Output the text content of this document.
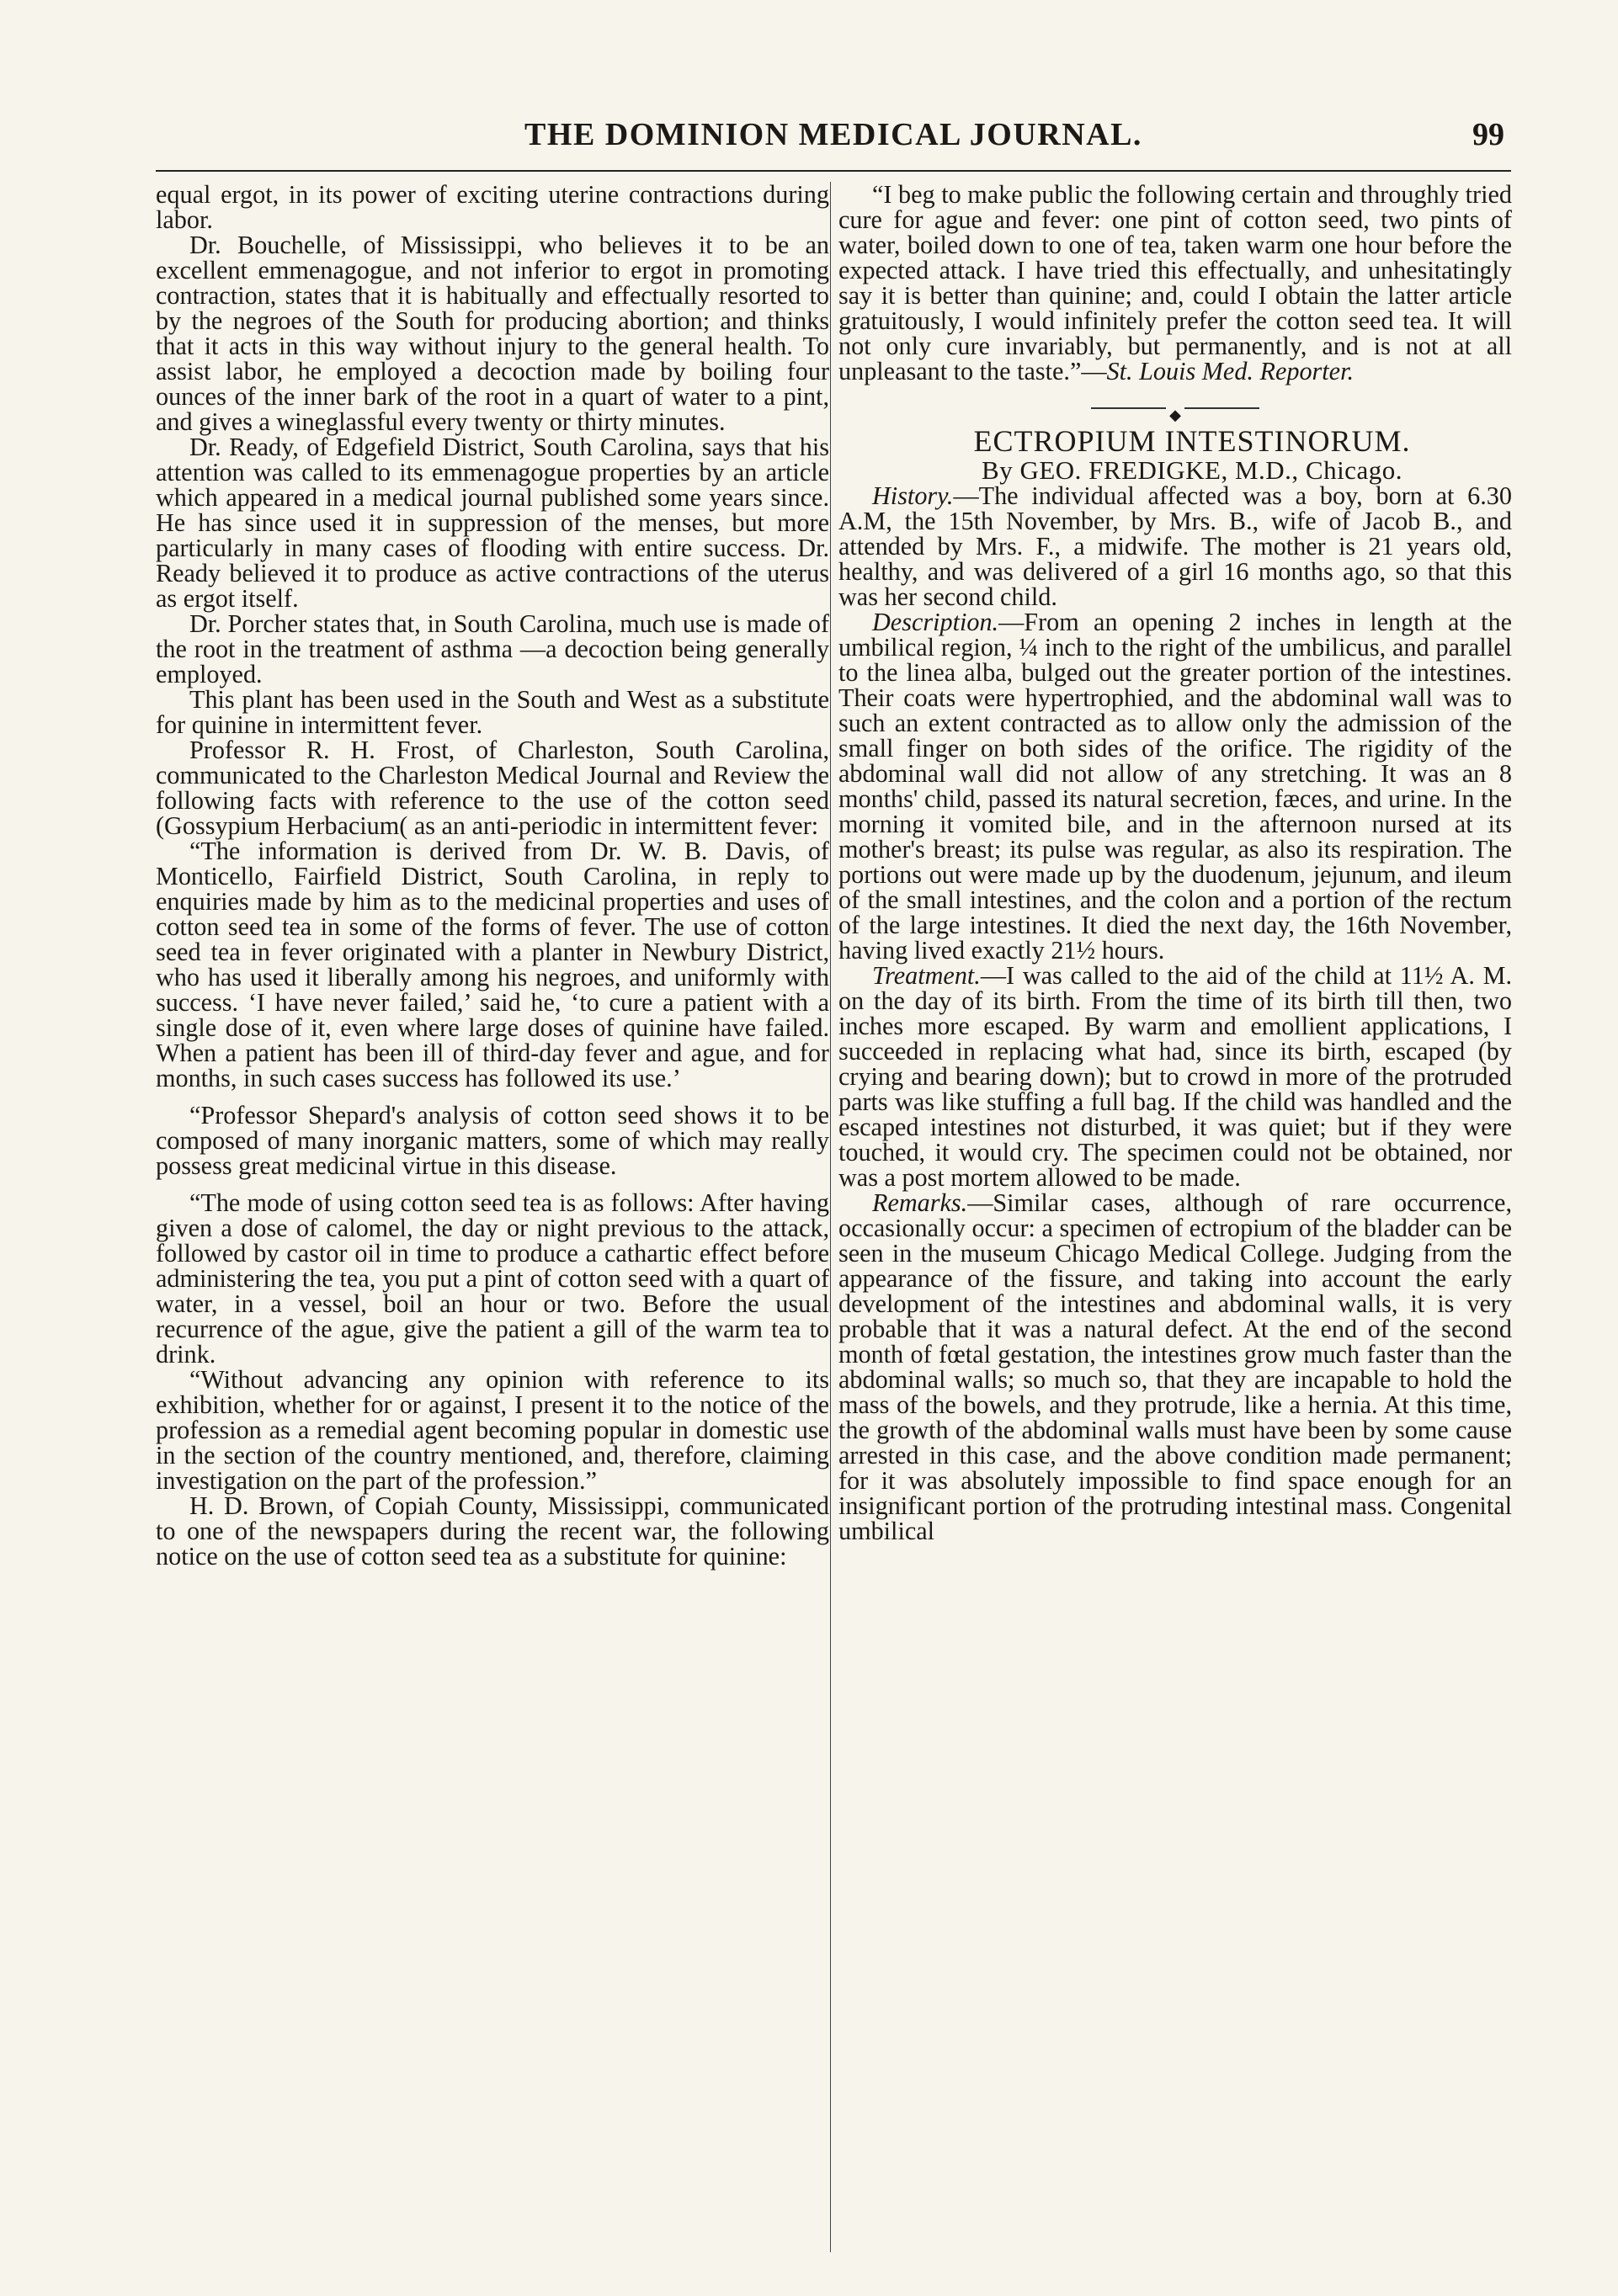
THE DOMINION MEDICAL JOURNAL.	99

equal ergot, in its power of exciting uterine contractions during labor.

Dr. Bouchelle, of Mississippi, who believes it to be an excellent emmenagogue, and not inferior to ergot in promoting contraction, states that it is habitually and effectually resorted to by the negroes of the South for producing abortion; and thinks that it acts in this way without injury to the general health. To assist labor, he employed a decoction made by boiling four ounces of the inner bark of the root in a quart of water to a pint, and gives a wineglassful every twenty or thirty minutes.

Dr. Ready, of Edgefield District, South Carolina, says that his attention was called to its emmenagogue properties by an article which appeared in a medical journal published some years since. He has since used it in suppression of the menses, but more particularly in many cases of flooding with entire success. Dr. Ready believed it to produce as active contractions of the uterus as ergot itself.

Dr. Porcher states that, in South Carolina, much use is made of the root in the treatment of asthma —a decoction being generally employed.

This plant has been used in the South and West as a substitute for quinine in intermittent fever.

Professor R. H. Frost, of Charleston, South Carolina, communicated to the Charleston Medical Journal and Review the following facts with reference to the use of the cotton seed (Gossypium Herbacium( as an anti-periodic in intermittent fever:

“The information is derived from Dr. W. B. Davis, of Monticello, Fairfield District, South Carolina, in reply to enquiries made by him as to the medicinal properties and uses of cotton seed tea in some of the forms of fever. The use of cotton seed tea in fever originated with a planter in Newbury District, who has used it liberally among his negroes, and uniformly with success. ‘I have never failed,’ said he, ‘to cure a patient with a single dose of it, even where large doses of quinine have failed. When a patient has been ill of third-day fever and ague, and for months, in such cases success has followed its use.’

“Professor Shepard's analysis of cotton seed shows it to be composed of many inorganic matters, some of which may really possess great medicinal virtue in this disease.

“The mode of using cotton seed tea is as follows: After having given a dose of calomel, the day or night previous to the attack, followed by castor oil in time to produce a cathartic effect before administering the tea, you put a pint of cotton seed with a quart of water, in a vessel, boil an hour or two. Before the usual recurrence of the ague, give the patient a gill of the warm tea to drink.

“Without advancing any opinion with reference to its exhibition, whether for or against, I present it to the notice of the profession as a remedial agent becoming popular in domestic use in the section of the country mentioned, and, therefore, claiming investigation on the part of the profession.”

H. D. Brown, of Copiah County, Mississippi, communicated to one of the newspapers during the recent war, the following notice on the use of cotton seed tea as a substitute for quinine:

“I beg to make public the following certain and throughly tried cure for ague and fever: one pint of cotton seed, two pints of water, boiled down to one of tea, taken warm one hour before the expected attack. I have tried this effectually, and unhesitatingly say it is better than quinine; and, could I obtain the latter article gratuitously, I would infinitely prefer the cotton seed tea. It will not only cure invariably, but permanently, and is not at all unpleasant to the taste.”—St. Louis Med. Reporter.

◆

ECTROPIUM INTESTINORUM.

By GEO. FREDIGKE, M.D., Chicago.

History.—The individual affected was a boy, born at 6.30 A.M, the 15th November, by Mrs. B., wife of Jacob B., and attended by Mrs. F., a midwife. The mother is 21 years old, healthy, and was delivered of a girl 16 months ago, so that this was her second child.

Description.—From an opening 2 inches in length at the umbilical region, ¼ inch to the right of the umbilicus, and parallel to the linea alba, bulged out the greater portion of the intestines. Their coats were hypertrophied, and the abdominal wall was to such an extent contracted as to allow only the admission of the small finger on both sides of the orifice. The rigidity of the abdominal wall did not allow of any stretching. It was an 8 months' child, passed its natural secretion, fæces, and urine. In the morning it vomited bile, and in the afternoon nursed at its mother's breast; its pulse was regular, as also its respiration. The portions out were made up by the duodenum, jejunum, and ileum of the small intestines, and the colon and a portion of the rectum of the large intestines. It died the next day, the 16th November, having lived exactly 21½ hours.

Treatment.—I was called to the aid of the child at 11½ A. M. on the day of its birth. From the time of its birth till then, two inches more escaped. By warm and emollient applications, I succeeded in replacing what had, since its birth, escaped (by crying and bearing down); but to crowd in more of the protruded parts was like stuffing a full bag. If the child was handled and the escaped intestines not disturbed, it was quiet; but if they were touched, it would cry. The specimen could not be obtained, nor was a post mortem allowed to be made.

Remarks.—Similar cases, although of rare occurrence, occasionally occur: a specimen of ectropium of the bladder can be seen in the museum Chicago Medical College. Judging from the appearance of the fissure, and taking into account the early development of the intestines and abdominal walls, it is very probable that it was a natural defect. At the end of the second month of fœtal gestation, the intestines grow much faster than the abdominal walls; so much so, that they are incapable to hold the mass of the bowels, and they protrude, like a hernia. At this time, the growth of the abdominal walls must have been by some cause arrested in this case, and the above condition made permanent; for it was absolutely impossible to find space enough for an insignificant portion of the protruding intestinal mass. Congenital umbilical
